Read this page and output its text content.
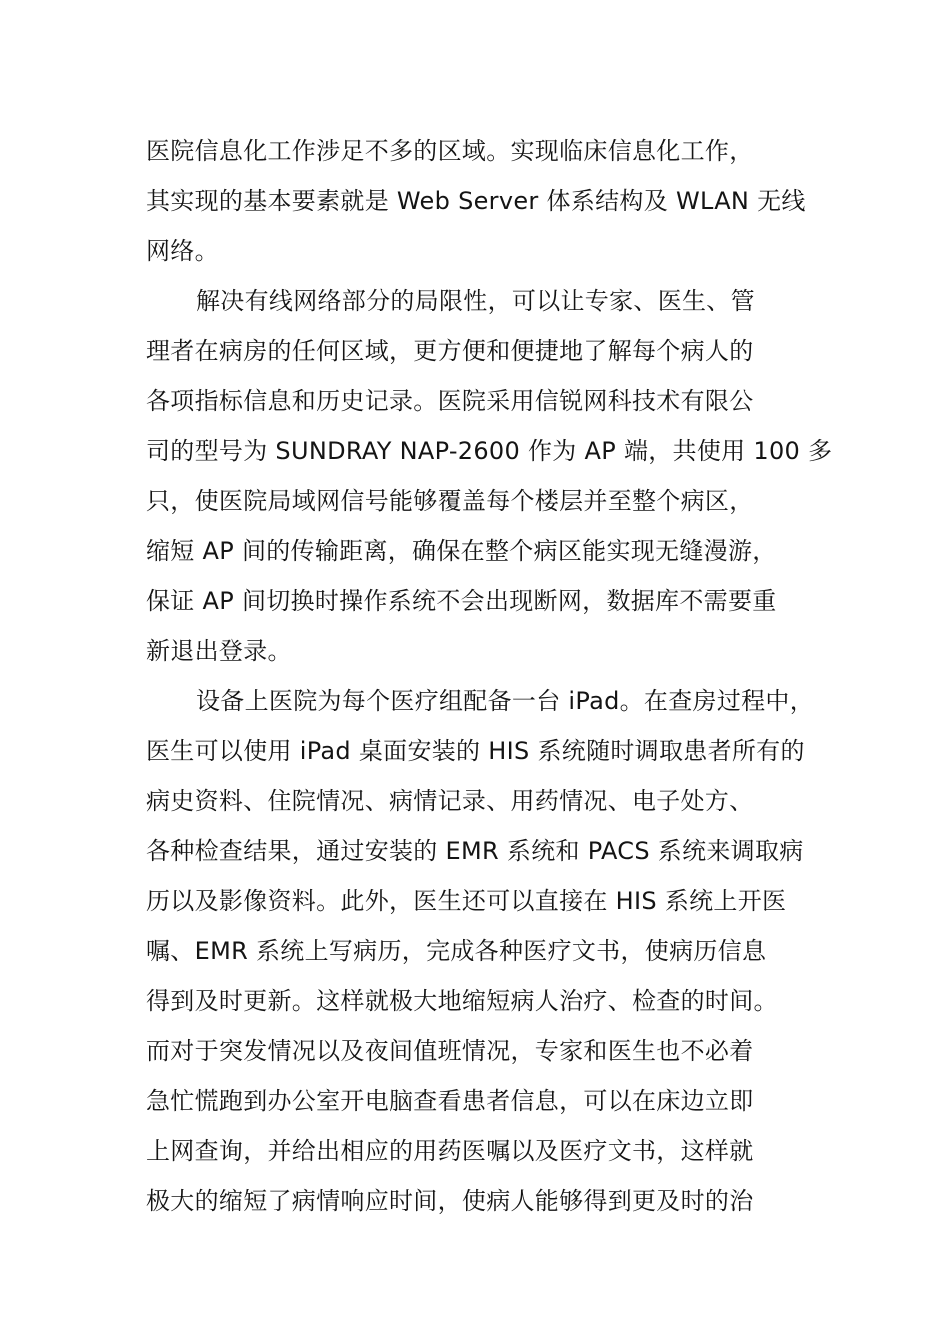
医院信息化工作涉足不多的区域。实现临床信息化工作，
其实现的基本要素就是 Web Server 体系结构及 WLAN 无线
网络。
解决有线网络部分的局限性，可以让专家、医生、管
理者在病房的任何区域，更方便和便捷地了解每个病人的
各项指标信息和历史记录。医院采用信锐网科技术有限公
司的型号为 SUNDRAY NAP-2600 作为 AP 端，共使用 100 多
只，使医院局域网信号能够覆盖每个楼层并至整个病区，
缩短 AP 间的传输距离，确保在整个病区能实现无缝漫游，
保证 AP 间切换时操作系统不会出现断网，数据库不需要重
新退出登录。
设备上医院为每个医疗组配备一台 iPad。在查房过程中，
医生可以使用 iPad 桌面安装的 HIS 系统随时调取患者所有的
病史资料、住院情况、病情记录、用药情况、电子处方、
各种检查结果，通过安装的 EMR 系统和 PACS 系统来调取病
历以及影像资料。此外，医生还可以直接在 HIS 系统上开医
嘱、EMR 系统上写病历，完成各种医疗文书，使病历信息
得到及时更新。这样就极大地缩短病人治疗、检查的时间。
而对于突发情况以及夜间值班情况，专家和医生也不必着
急忙慌跑到办公室开电脑查看患者信息，可以在床边立即
上网查询，并给出相应的用药医嘱以及医疗文书，这样就
极大的缩短了病情响应时间，使病人能够得到更及时的治
